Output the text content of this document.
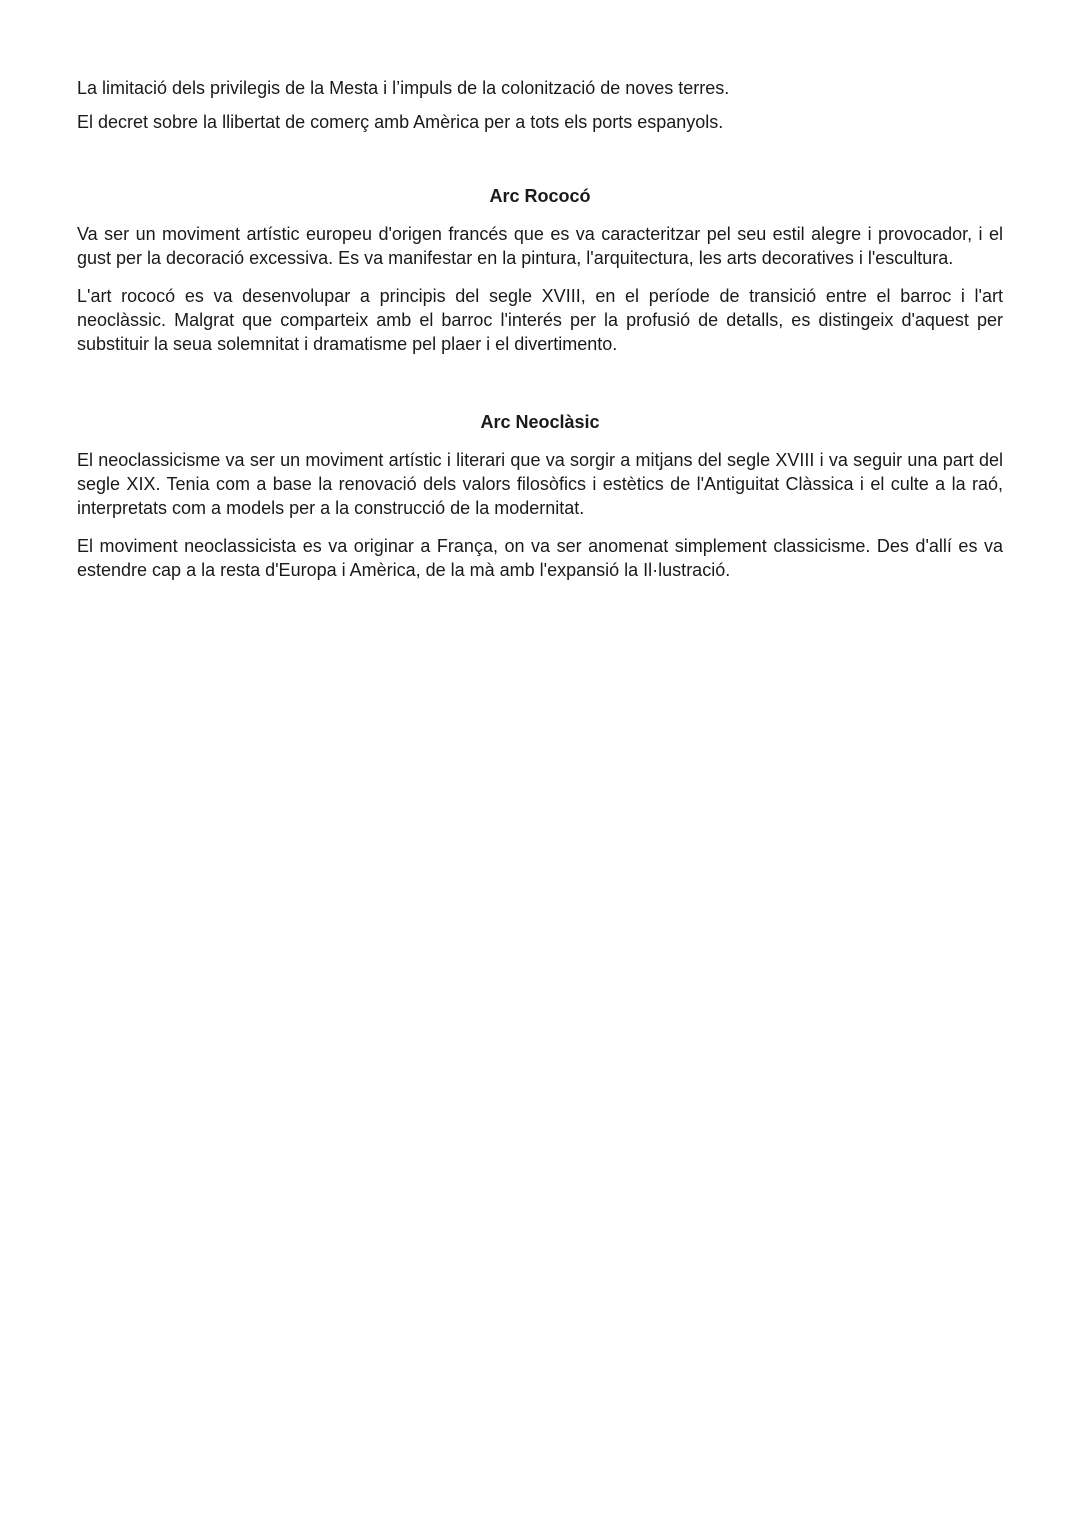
La limitació dels privilegis de la Mesta i l’impuls de la colonització de noves terres.

El decret sobre la llibertat de comerç amb Amèrica per a tots els ports espanyols.

Arc Rococó

Va ser un moviment artístic europeu d'origen francés que es va caracteritzar pel seu estil alegre i provocador, i el gust per la decoració excessiva. Es va manifestar en la pintura, l'arquitectura, les arts decoratives i l'escultura.

L'art rococó es va desenvolupar a principis del segle XVIII, en el període de transició entre el barroc i l'art neoclàssic. Malgrat que comparteix amb el barroc l'interés per la profusió de detalls, es distingeix d'aquest per substituir la seua solemnitat i dramatisme pel plaer i el divertimento.

Arc Neoclàsic

El neoclassicisme va ser un moviment artístic i literari que va sorgir a mitjans del segle XVIII i va seguir una part del segle XIX. Tenia com a base la renovació dels valors filosòfics i estètics de l'Antiguitat Clàssica i el culte a la raó, interpretats com a models per a la construcció de la modernitat.

El moviment neoclassicista es va originar a França, on va ser anomenat simplement classicisme. Des d'allí es va estendre cap a la resta d'Europa i Amèrica, de la mà amb l'expansió la Il·lustració.
